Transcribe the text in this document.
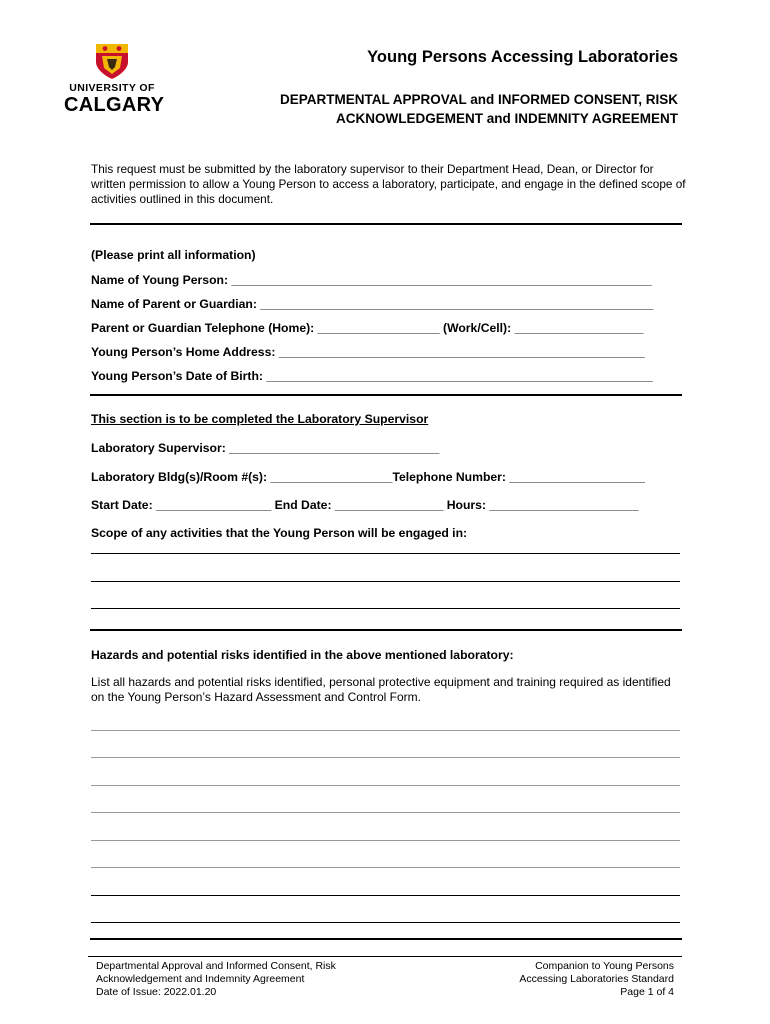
UNIVERSITY OF
CALGARY
Young Persons Accessing Laboratories
DEPARTMENTAL APPROVAL and INFORMED CONSENT, RISK ACKNOWLEDGEMENT and INDEMNITY AGREEMENT
This request must be submitted by the laboratory supervisor to their Department Head, Dean, or Director for written permission to allow a Young Person to access a laboratory, participate, and engage in the defined scope of activities outlined in this document.
(Please print all information)
Name of Young Person: ______________________________________________________________
Name of Parent or Guardian: __________________________________________________________
Parent or Guardian Telephone (Home): __________________ (Work/Cell): ___________________
Young Person’s Home Address: ______________________________________________________
Young Person’s Date of Birth: _________________________________________________________
This section is to be completed the Laboratory Supervisor
Laboratory Supervisor: _______________________________
Laboratory Bldg(s)/Room #(s): __________________Telephone Number: ____________________
Start Date: _________________ End Date: ________________ Hours: ______________________
Scope of any activities that the Young Person will be engaged in:
Hazards and potential risks identified in the above mentioned laboratory:
List all hazards and potential risks identified, personal protective equipment and training required as identified on the Young Person’s Hazard Assessment and Control Form.
Departmental Approval and Informed Consent, Risk
Acknowledgement and Indemnity Agreement
Date of Issue: 2022.01.20
Companion to Young Persons
Accessing Laboratories Standard
Page 1 of 4
